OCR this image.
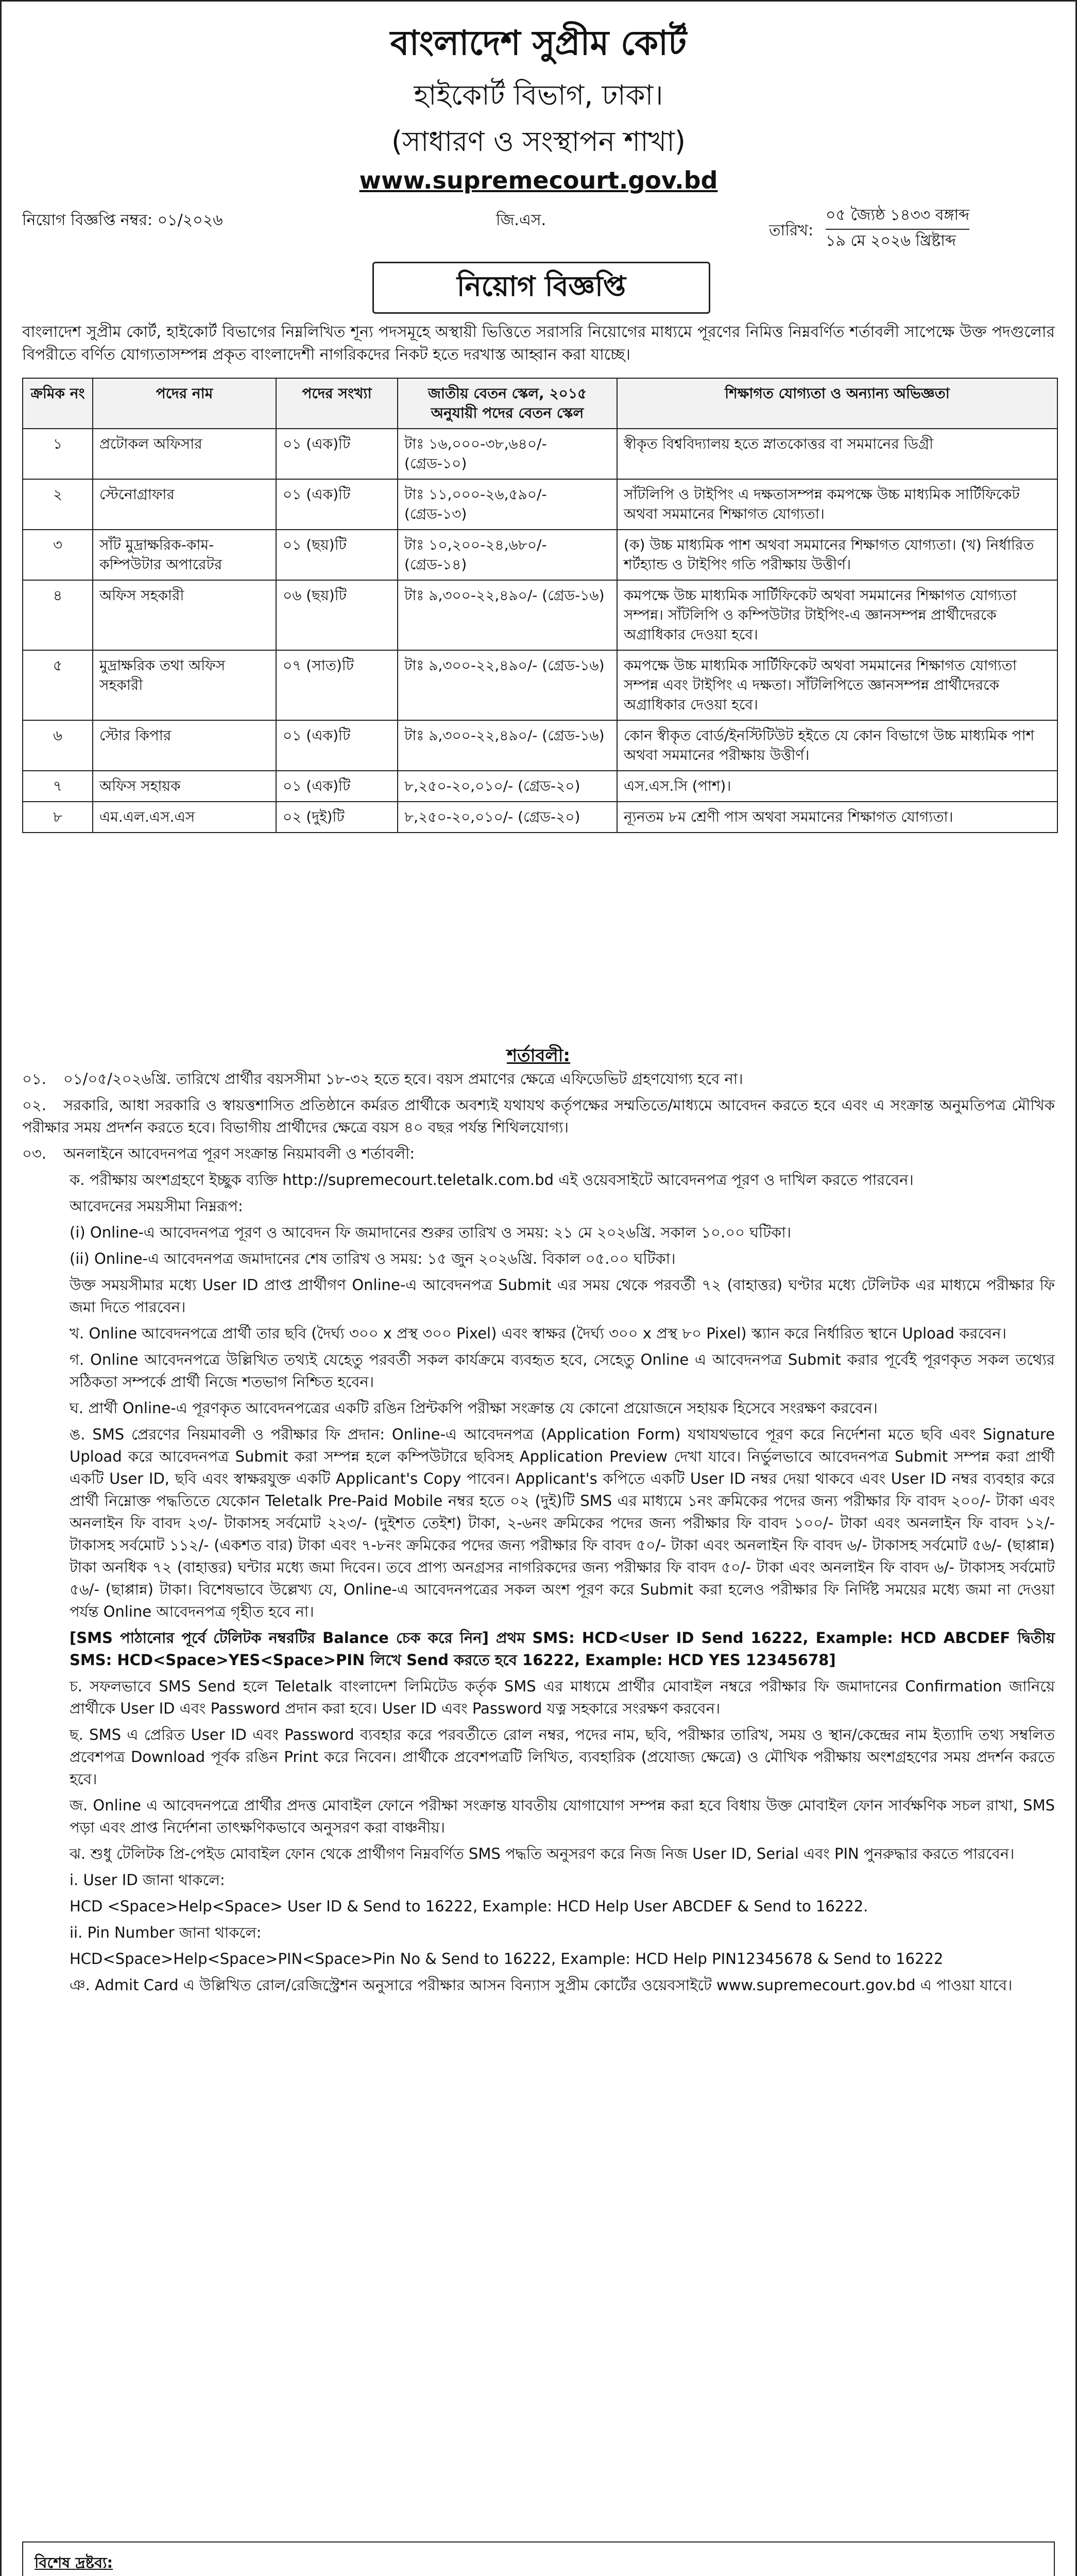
বাংলাদেশ সুপ্রীম কোর্ট
হাইকোর্ট বিভাগ, ঢাকা।
(সাধারণ ও সংস্থাপন শাখা)
www.supremecourt.gov.bd
নিয়োগ বিজ্ঞপ্তি নম্বর: ০১/২০২৬	জি.এস.
তারিখ:
০৫ জ্যৈষ্ঠ ১৪৩৩ বঙ্গাব্দ
১৯ মে ২০২৬ খ্রিষ্টাব্দ
নিয়োগ বিজ্ঞপ্তি
বাংলাদেশ সুপ্রীম কোর্ট, হাইকোর্ট বিভাগের নিম্নলিখিত শূন্য পদসমূহে অস্থায়ী ভিত্তিতে সরাসরি নিয়োগের মাধ্যমে পূরণের নিমিত্ত নিম্নবর্ণিত শর্তাবলী সাপেক্ষে উক্ত পদগুলোর বিপরীতে বর্ণিত যোগ্যতাসম্পন্ন প্রকৃত বাংলাদেশী নাগরিকদের নিকট হতে দরখাস্ত আহ্বান করা যাচ্ছে।
ক্রমিক নং	পদের নাম	পদের সংখ্যা	জাতীয় বেতন স্কেল, ২০১৫ অনুযায়ী পদের বেতন স্কেল	শিক্ষাগত যোগ্যতা ও অন্যান্য অভিজ্ঞতা
১	প্রটোকল অফিসার	০১ (এক)টি	টাঃ ১৬,০০০-৩৮,৬৪০/- (গ্রেড-১০)	স্বীকৃত বিশ্ববিদ্যালয় হতে স্নাতকোত্তর বা সমমানের ডিগ্রী
২	স্টেনোগ্রাফার	০১ (এক)টি	টাঃ ১১,০০০-২৬,৫৯০/- (গ্রেড-১৩)	সাঁটলিপি ও টাইপিং এ দক্ষতাসম্পন্ন কমপক্ষে উচ্চ মাধ্যমিক সার্টিফিকেট অথবা সমমানের শিক্ষাগত যোগ্যতা।
৩	সাঁট মুদ্রাক্ষরিক-কাম-কম্পিউটার অপারেটর	০১ (ছয়)টি	টাঃ ১০,২০০-২৪,৬৮০/- (গ্রেড-১৪)	(ক) উচ্চ মাধ্যমিক পাশ অথবা সমমানের শিক্ষাগত যোগ্যতা। (খ) নির্ধারিত শর্টহ্যান্ড ও টাইপিং গতি পরীক্ষায় উত্তীর্ণ।
৪	অফিস সহকারী	০৬ (ছয়)টি	টাঃ ৯,৩০০-২২,৪৯০/- (গ্রেড-১৬)	কমপক্ষে উচ্চ মাধ্যমিক সার্টিফিকেট অথবা সমমানের শিক্ষাগত যোগ্যতা সম্পন্ন। সাঁটলিপি ও কম্পিউটার টাইপিং-এ জ্ঞানসম্পন্ন প্রার্থীদেরকে অগ্রাধিকার দেওয়া হবে।
৫	মুদ্রাক্ষরিক তথা অফিস সহকারী	০৭ (সাত)টি	টাঃ ৯,৩০০-২২,৪৯০/- (গ্রেড-১৬)	কমপক্ষে উচ্চ মাধ্যমিক সার্টিফিকেট অথবা সমমানের শিক্ষাগত যোগ্যতা সম্পন্ন এবং টাইপিং এ দক্ষতা। সাঁটলিপিতে জ্ঞানসম্পন্ন প্রার্থীদেরকে অগ্রাধিকার দেওয়া হবে।
৬	স্টোর কিপার	০১ (এক)টি	টাঃ ৯,৩০০-২২,৪৯০/- (গ্রেড-১৬)	কোন স্বীকৃত বোর্ড/ইনস্টিটিউট হইতে যে কোন বিভাগে উচ্চ মাধ্যমিক পাশ অথবা সমমানের পরীক্ষায় উত্তীর্ণ।
৭	অফিস সহায়ক	০১ (এক)টি	৮,২৫০-২০,০১০/- (গ্রেড-২০)	এস.এস.সি (পাশ)।
৮	এম.এল.এস.এস	০২ (দুই)টি	৮,২৫০-২০,০১০/- (গ্রেড-২০)	ন্যূনতম ৮ম শ্রেণী পাস অথবা সমমানের শিক্ষাগত যোগ্যতা।
শর্তাবলী:

০১. ০১/০৫/২০২৬খ্রি. তারিখে প্রার্থীর বয়সসীমা ১৮-৩২ হতে হবে। বয়স প্রমাণের ক্ষেত্রে এফিডেভিট গ্রহণযোগ্য হবে না।

০২. সরকারি, আধা সরকারি ও স্বায়ত্তশাসিত প্রতিষ্ঠানে কর্মরত প্রার্থীকে অবশ্যই যথাযথ কর্তৃপক্ষের সম্মতিতে/মাধ্যমে আবেদন করতে হবে এবং এ সংক্রান্ত অনুমতিপত্র মৌখিক পরীক্ষার সময় প্রদর্শন করতে হবে। বিভাগীয় প্রার্থীদের ক্ষেত্রে বয়স ৪০ বছর পর্যন্ত শিথিলযোগ্য।

০৩. অনলাইনে আবেদনপত্র পূরণ সংক্রান্ত নিয়মাবলী ও শর্তাবলী:

ক. পরীক্ষায় অংশগ্রহণে ইচ্ছুক ব্যক্তি http://supremecourt.teletalk.com.bd এই ওয়েবসাইটে আবেদনপত্র পূরণ ও দাখিল করতে পারবেন।

আবেদনের সময়সীমা নিম্নরূপ:

(i) Online-এ আবেদনপত্র পূরণ ও আবেদন ফি জমাদানের শুরুর তারিখ ও সময়: ২১ মে ২০২৬খ্রি. সকাল ১০.০০ ঘটিকা।

(ii) Online-এ আবেদনপত্র জমাদানের শেষ তারিখ ও সময়: ১৫ জুন ২০২৬খ্রি. বিকাল ০৫.০০ ঘটিকা।

উক্ত সময়সীমার মধ্যে User ID প্রাপ্ত প্রার্থীগণ Online-এ আবেদনপত্র Submit এর সময় থেকে পরবর্তী ৭২ (বাহাত্তর) ঘণ্টার মধ্যে টেলিটক এর মাধ্যমে পরীক্ষার ফি জমা দিতে পারবেন।

খ. Online আবেদনপত্রে প্রার্থী তার ছবি (দৈর্ঘ্য ৩০০ x প্রস্থ ৩০০ Pixel) এবং স্বাক্ষর (দৈর্ঘ্য ৩০০ x প্রস্থ ৮০ Pixel) স্ক্যান করে নির্ধারিত স্থানে Upload করবেন।

গ. Online আবেদনপত্রে উল্লিখিত তথ্যই যেহেতু পরবর্তী সকল কার্যক্রমে ব্যবহৃত হবে, সেহেতু Online এ আবেদনপত্র Submit করার পূর্বেই পূরণকৃত সকল তথ্যের সঠিকতা সম্পর্কে প্রার্থী নিজে শতভাগ নিশ্চিত হবেন।

ঘ. প্রার্থী Online-এ পূরণকৃত আবেদনপত্রের একটি রঙিন প্রিন্টকপি পরীক্ষা সংক্রান্ত যে কোনো প্রয়োজনে সহায়ক হিসেবে সংরক্ষণ করবেন।

ঙ. SMS প্রেরণের নিয়মাবলী ও পরীক্ষার ফি প্রদান: Online-এ আবেদনপত্র (Application Form) যথাযথভাবে পূরণ করে নির্দেশনা মতে ছবি এবং Signature Upload করে আবেদনপত্র Submit করা সম্পন্ন হলে কম্পিউটারে ছবিসহ Application Preview দেখা যাবে। নির্ভুলভাবে আবেদনপত্র Submit সম্পন্ন করা প্রার্থী একটি User ID, ছবি এবং স্বাক্ষরযুক্ত একটি Applicant's Copy পাবেন। Applicant's কপিতে একটি User ID নম্বর দেয়া থাকবে এবং User ID নম্বর ব্যবহার করে প্রার্থী নিম্নোক্ত পদ্ধতিতে যেকোন Teletalk Pre-Paid Mobile নম্বর হতে ০২ (দুই)টি SMS এর মাধ্যমে ১নং ক্রমিকের পদের জন্য পরীক্ষার ফি বাবদ ২০০/- টাকা এবং অনলাইন ফি বাবদ ২৩/- টাকাসহ সর্বমোট ২২৩/- (দুইশত তেইশ) টাকা, ২-৬নং ক্রমিকের পদের জন্য পরীক্ষার ফি বাবদ ১০০/- টাকা এবং অনলাইন ফি বাবদ ১২/- টাকাসহ সর্বমোট ১১২/- (একশত বার) টাকা এবং ৭-৮নং ক্রমিকের পদের জন্য পরীক্ষার ফি বাবদ ৫০/- টাকা এবং অনলাইন ফি বাবদ ৬/- টাকাসহ সর্বমোট ৫৬/- (ছাপ্পান্ন) টাকা অনধিক ৭২ (বাহাত্তর) ঘন্টার মধ্যে জমা দিবেন। তবে প্রাপ্য অনগ্রসর নাগরিকদের জন্য পরীক্ষার ফি বাবদ ৫০/- টাকা এবং অনলাইন ফি বাবদ ৬/- টাকাসহ সর্বমোট ৫৬/- (ছাপ্পান্ন) টাকা। বিশেষভাবে উল্লেখ্য যে, Online-এ আবেদনপত্রের সকল অংশ পূরণ করে Submit করা হলেও পরীক্ষার ফি নির্দিষ্ট সময়ের মধ্যে জমা না দেওয়া পর্যন্ত Online আবেদনপত্র গৃহীত হবে না।

[SMS পাঠানোর পূর্বে টেলিটক নম্বরটির Balance চেক করে নিন] প্রথম SMS: HCD<User ID Send 16222, Example: HCD ABCDEF দ্বিতীয় SMS: HCD<Space>YES<Space>PIN লিখে Send করতে হবে 16222, Example: HCD YES 12345678]

চ. সফলভাবে SMS Send হলে Teletalk বাংলাদেশ লিমিটেড কর্তৃক SMS এর মাধ্যমে প্রার্থীর মোবাইল নম্বরে পরীক্ষার ফি জমাদানের Confirmation জানিয়ে প্রার্থীকে User ID এবং Password প্রদান করা হবে। User ID এবং Password যত্ন সহকারে সংরক্ষণ করবেন।

ছ. SMS এ প্রেরিত User ID এবং Password ব্যবহার করে পরবর্তীতে রোল নম্বর, পদের নাম, ছবি, পরীক্ষার তারিখ, সময় ও স্থান/কেন্দ্রের নাম ইত্যাদি তথ্য সম্বলিত প্রবেশপত্র Download পূর্বক রঙিন Print করে নিবেন। প্রার্থীকে প্রবেশপত্রটি লিখিত, ব্যবহারিক (প্রযোজ্য ক্ষেত্রে) ও মৌখিক পরীক্ষায় অংশগ্রহণের সময় প্রদর্শন করতে হবে।

জ. Online এ আবেদনপত্রে প্রার্থীর প্রদত্ত মোবাইল ফোনে পরীক্ষা সংক্রান্ত যাবতীয় যোগাযোগ সম্পন্ন করা হবে বিধায় উক্ত মোবাইল ফোন সার্বক্ষণিক সচল রাখা, SMS পড়া এবং প্রাপ্ত নির্দেশনা তাৎক্ষণিকভাবে অনুসরণ করা বাঞ্চনীয়।

ঝ. শুধু টেলিটক প্রি-পেইড মোবাইল ফোন থেকে প্রার্থীগণ নিম্নবর্ণিত SMS পদ্ধতি অনুসরণ করে নিজ নিজ User ID, Serial এবং PIN পুনরুদ্ধার করতে পারবেন।

i. User ID জানা থাকলে:

HCD <Space>Help<Space> User ID & Send to 16222, Example: HCD Help User ABCDEF & Send to 16222.

ii. Pin Number জানা থাকলে:

HCD<Space>Help<Space>PIN<Space>Pin No & Send to 16222, Example: HCD Help PIN12345678 & Send to 16222

ঞ. Admit Card এ উল্লিখিত রোল/রেজিস্ট্রেশন অনুসারে পরীক্ষার আসন বিন্যাস সুপ্রীম কোর্টের ওয়েবসাইটে www.supremecourt.gov.bd এ পাওয়া যাবে।

বিশেষ দ্রষ্টব্য:
